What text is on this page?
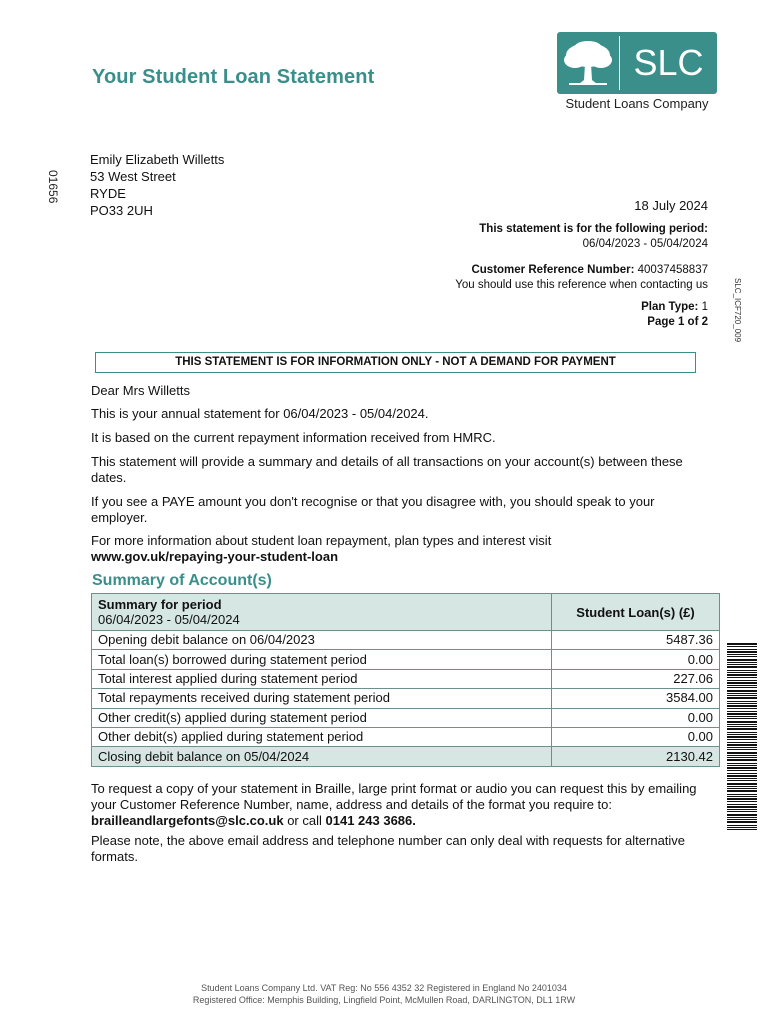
Your Student Loan Statement	SLC
Student Loans Company
01656
Emily Elizabeth Willetts
53 West Street
RYDE
PO33 2UH	18 July 2024
This statement is for the following period:
06/04/2023 - 05/04/2024
Customer Reference Number: 40037458837
You should use this reference when contacting us
Plan Type: 1
Page 1 of 2	SLC_ICF720_009
THIS STATEMENT IS FOR INFORMATION ONLY - NOT A DEMAND FOR PAYMENT
Dear Mrs Willetts
This is your annual statement for 06/04/2023 - 05/04/2024.
It is based on the current repayment information received from HMRC.
This statement will provide a summary and details of all transactions on your account(s) between these dates.
If you see a PAYE amount you don't recognise or that you disagree with, you should speak to your employer.
For more information about student loan repayment, plan types and interest visit
www.gov.uk/repaying-your-student-loan
Summary of Account(s)
Summary for period
06/04/2023 - 05/04/2024	Student Loan(s) (£)
Opening debit balance on 06/04/2023	5487.36
Total loan(s) borrowed during statement period	0.00
Total interest applied during statement period	227.06
Total repayments received during statement period	3584.00
Other credit(s) applied during statement period	0.00
Other debit(s) applied during statement period	0.00
Closing debit balance on 05/04/2024	2130.42
To request a copy of your statement in Braille, large print format or audio you can request this by emailing your Customer Reference Number, name, address and details of the format you require to: brailleandlargefonts@slc.co.uk or call 0141 243 3686.
Please note, the above email address and telephone number can only deal with requests for alternative formats.
Student Loans Company Ltd. VAT Reg: No 556 4352 32 Registered in England No 2401034
Registered Office: Memphis Building, Lingfield Point, McMullen Road, DARLINGTON, DL1 1RW
